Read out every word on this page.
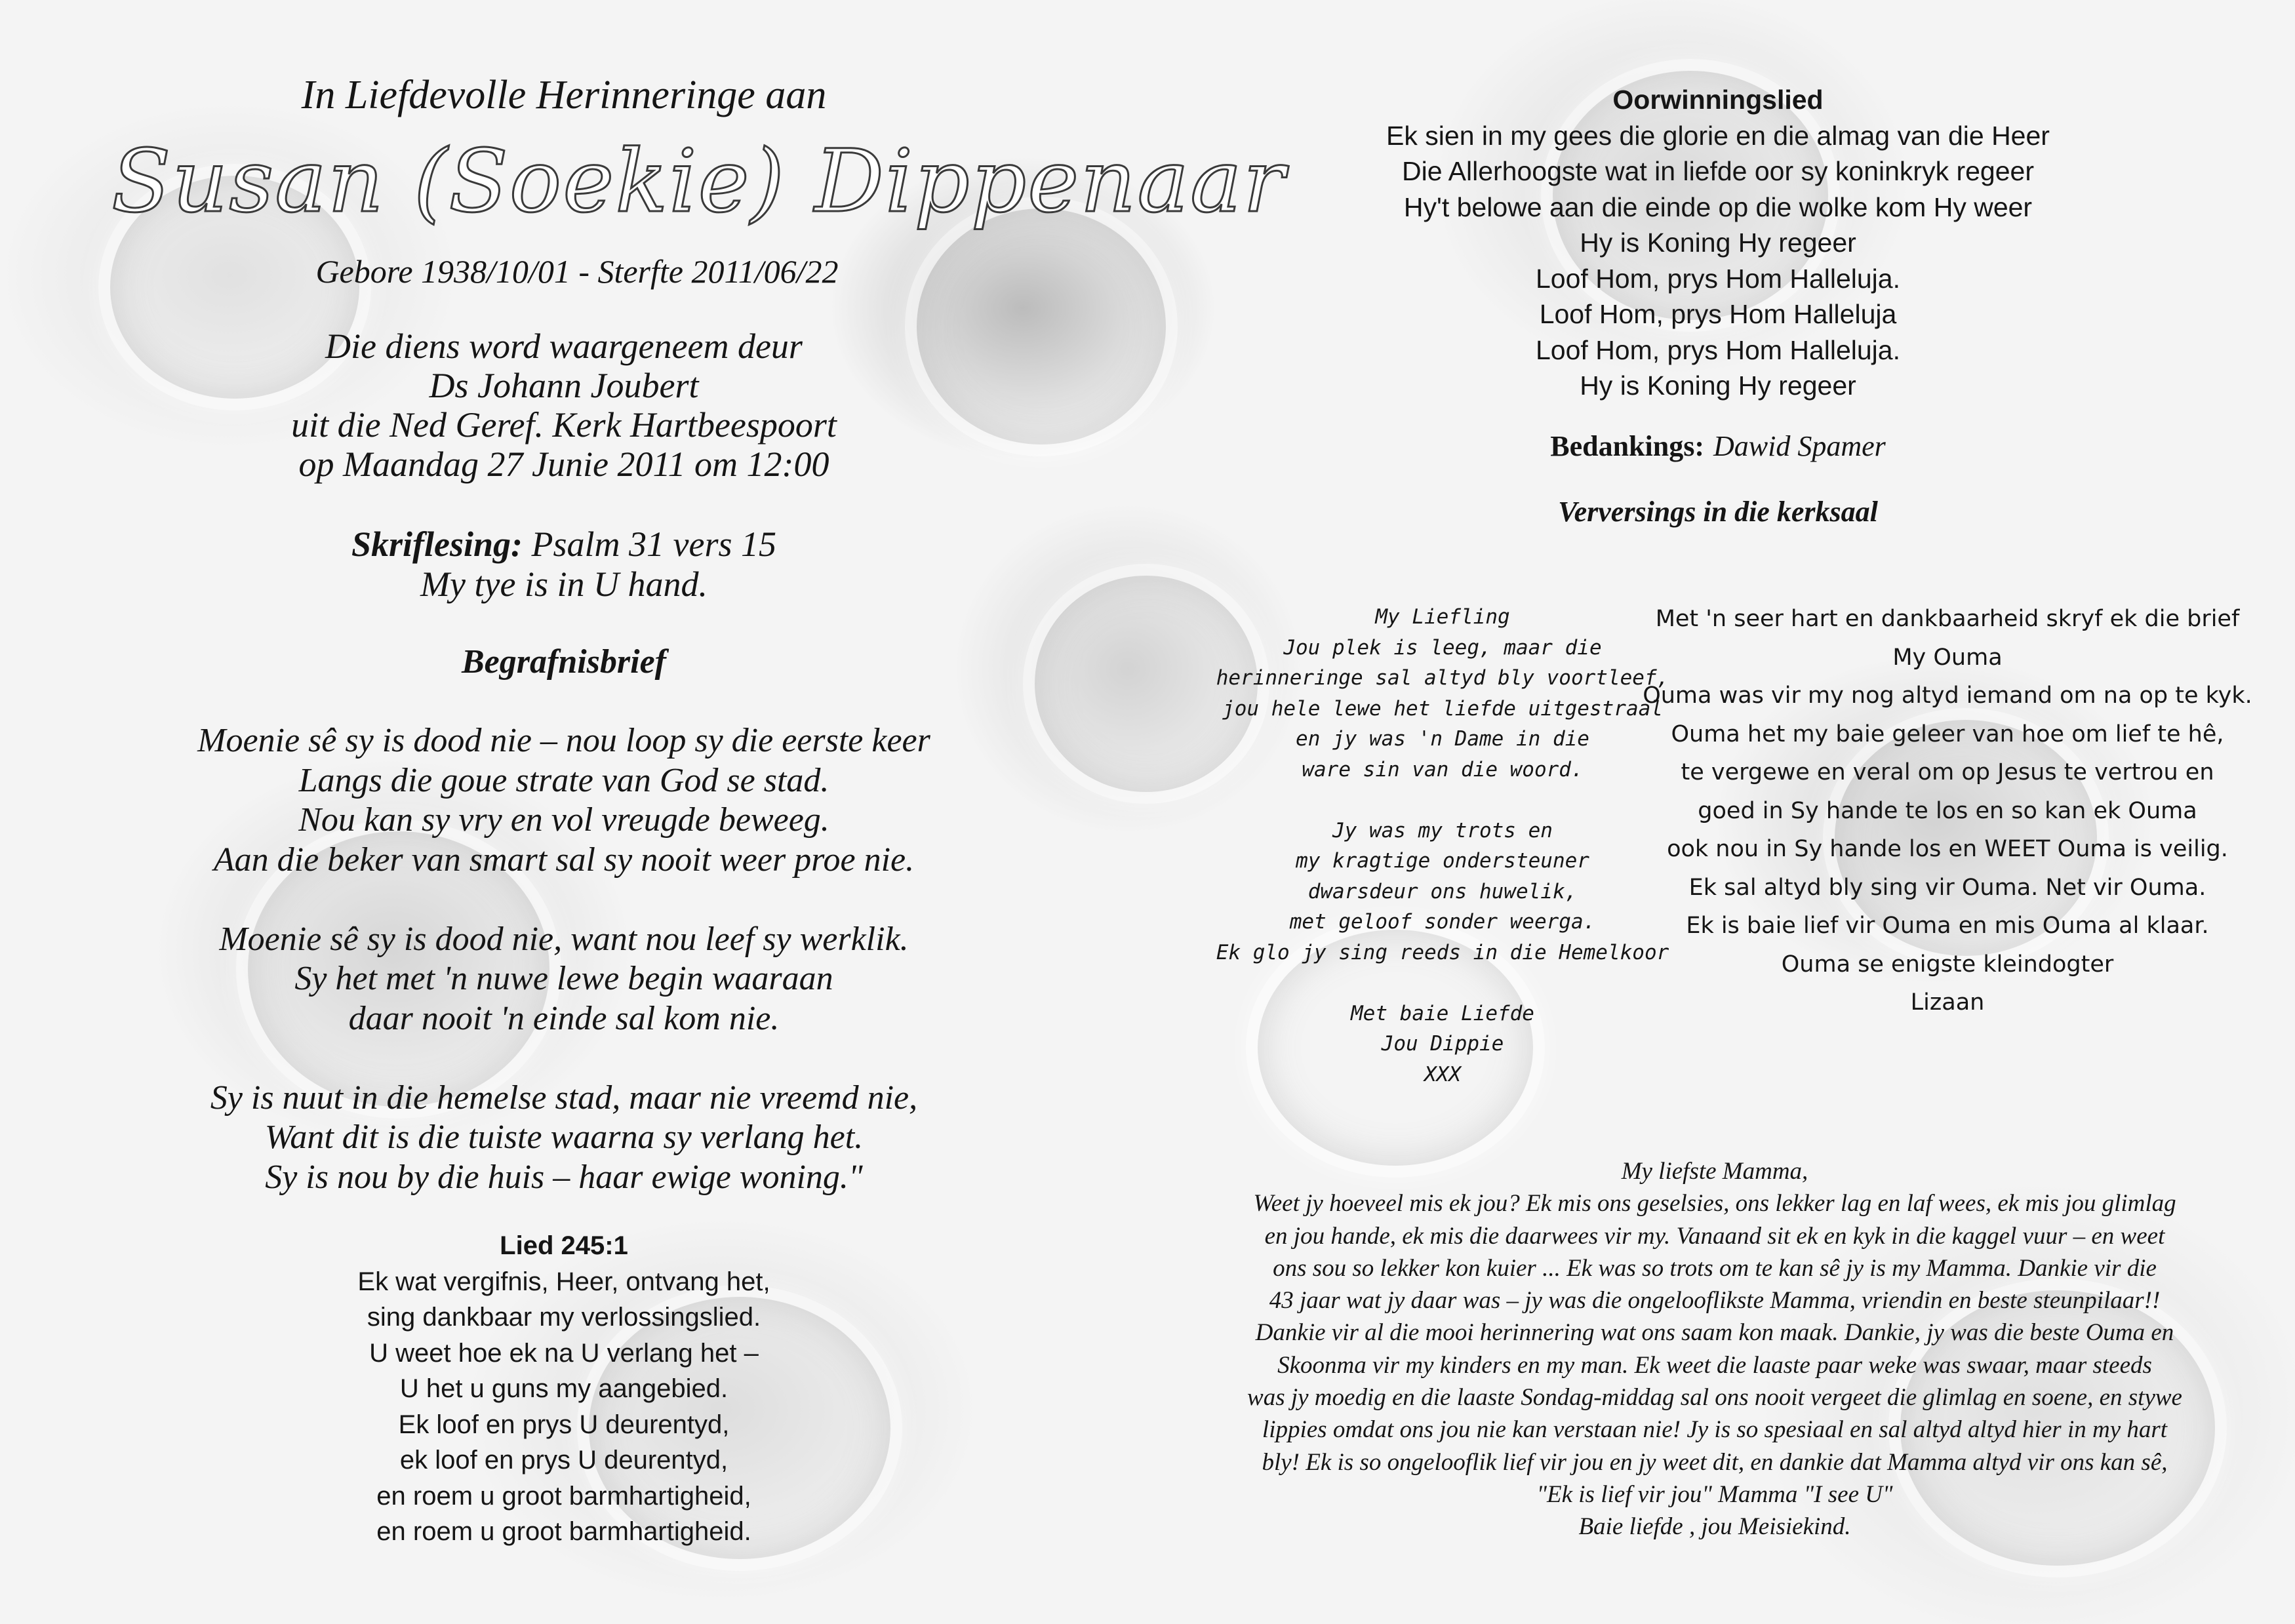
In Liefdevolle Herinneringe aan
Susan (Soekie) Dippenaar
Gebore 1938/10/01 - Sterfte 2011/06/22
Die diens word waargeneem deur
Ds Johann Joubert
uit die Ned Geref. Kerk Hartbeespoort
op Maandag 27 Junie 2011 om 12:00
Skriflesing: Psalm 31 vers 15
My tye is in U hand.
Begrafnisbrief
Moenie sê sy is dood nie – nou loop sy die eerste keer
Langs die goue strate van God se stad.
Nou kan sy vry en vol vreugde beweeg.
Aan die beker van smart sal sy nooit weer proe nie.

Moenie sê sy is dood nie, want nou leef sy werklik.
Sy het met 'n nuwe lewe begin waaraan
daar nooit 'n einde sal kom nie.

Sy is nuut in die hemelse stad, maar nie vreemd nie,
Want dit is die tuiste waarna sy verlang het.
Sy is nou by die huis – haar ewige woning."
Lied 245:1
Ek wat vergifnis, Heer, ontvang het,
sing dankbaar my verlossingslied.
U weet hoe ek na U verlang het –
U het u guns my aangebied.
Ek loof en prys U deurentyd,
ek loof en prys U deurentyd,
en roem u groot barmhartigheid,
en roem u groot barmhartigheid.
Oorwinningslied
Ek sien in my gees die glorie en die almag van die Heer
Die Allerhoogste wat in liefde oor sy koninkryk regeer
Hy't belowe aan die einde op die wolke kom Hy weer
Hy is Koning Hy regeer
Loof Hom, prys Hom Halleluja.
Loof Hom, prys Hom Halleluja
Loof Hom, prys Hom Halleluja.
Hy is Koning Hy regeer
Bedankings: Dawid Spamer
Verversings in die kerksaal
My Liefling
Jou plek is leeg, maar die
herinneringe sal altyd bly voortleef,
jou hele lewe het liefde uitgestraal
en jy was 'n Dame in die
ware sin van die woord.

Jy was my trots en
my kragtige ondersteuner
dwarsdeur ons huwelik,
met geloof sonder weerga.
Ek glo jy sing reeds in die Hemelkoor

Met baie Liefde
Jou Dippie
XXX
Met 'n seer hart en dankbaarheid skryf ek die brief
My Ouma
Ouma was vir my nog altyd iemand om na op te kyk.
Ouma het my baie geleer van hoe om lief te hê,
te vergewe en veral om op Jesus te vertrou en
goed in Sy hande te los en so kan ek Ouma
ook nou in Sy hande los en WEET Ouma is veilig.
Ek sal altyd bly sing vir Ouma. Net vir Ouma.
Ek is baie lief vir Ouma en mis Ouma al klaar.
Ouma se enigste kleindogter
Lizaan
My liefste Mamma,
Weet jy hoeveel mis ek jou? Ek mis ons geselsies, ons lekker lag en laf wees, ek mis jou glimlag
en jou hande, ek mis die daarwees vir my. Vanaand sit ek en kyk in die kaggel vuur – en weet
ons sou so lekker kon kuier ... Ek was so trots om te kan sê jy is my Mamma. Dankie vir die
43 jaar wat jy daar was – jy was die ongelooflikste Mamma, vriendin en beste steunpilaar!!
Dankie vir al die mooi herinnering wat ons saam kon maak. Dankie, jy was die beste Ouma en
Skoonma vir my kinders en my man. Ek weet die laaste paar weke was swaar, maar steeds
was jy moedig en die laaste Sondag-middag sal ons nooit vergeet die glimlag en soene, en stywe
lippies omdat ons jou nie kan verstaan nie! Jy is so spesiaal en sal altyd altyd hier in my hart
bly! Ek is so ongelooflik lief vir jou en jy weet dit, en dankie dat Mamma altyd vir ons kan sê,
"Ek is lief vir jou" Mamma "I see U"
Baie liefde , jou Meisiekind.
